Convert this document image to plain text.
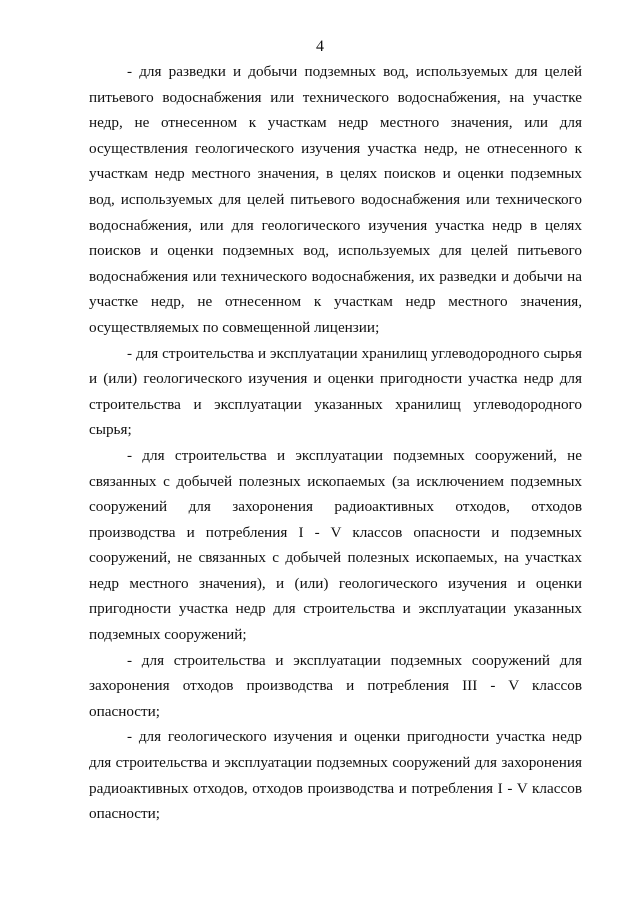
4

- для разведки и добычи подземных вод, используемых для целей питьевого водоснабжения или технического водоснабжения, на участке недр, не отнесенном к участкам недр местного значения, или для осуществления геологического изучения участка недр, не отнесенного к участкам недр местного значения, в целях поисков и оценки подземных вод, используемых для целей питьевого водоснабжения или технического водоснабжения, или для геологического изучения участка недр в целях поисков и оценки подземных вод, используемых для целей питьевого водоснабжения или технического водоснабжения, их разведки и добычи на участке недр, не отнесенном к участкам недр местного значения, осуществляемых по совмещенной лицензии;

- для строительства и эксплуатации хранилищ углеводородного сырья и (или) геологического изучения и оценки пригодности участка недр для строительства и эксплуатации указанных хранилищ углеводородного сырья;

- для строительства и эксплуатации подземных сооружений, не связанных с добычей полезных ископаемых (за исключением подземных сооружений для захоронения радиоактивных отходов, отходов производства и потребления I - V классов опасности и подземных сооружений, не связанных с добычей полезных ископаемых, на участках недр местного значения), и (или) геологического изучения и оценки пригодности участка недр для строительства и эксплуатации указанных подземных сооружений;

- для строительства и эксплуатации подземных сооружений для захоронения отходов производства и потребления III - V классов опасности;

- для геологического изучения и оценки пригодности участка недр для строительства и эксплуатации подземных сооружений для захоронения радиоактивных отходов, отходов производства и потребления I - V классов опасности;
